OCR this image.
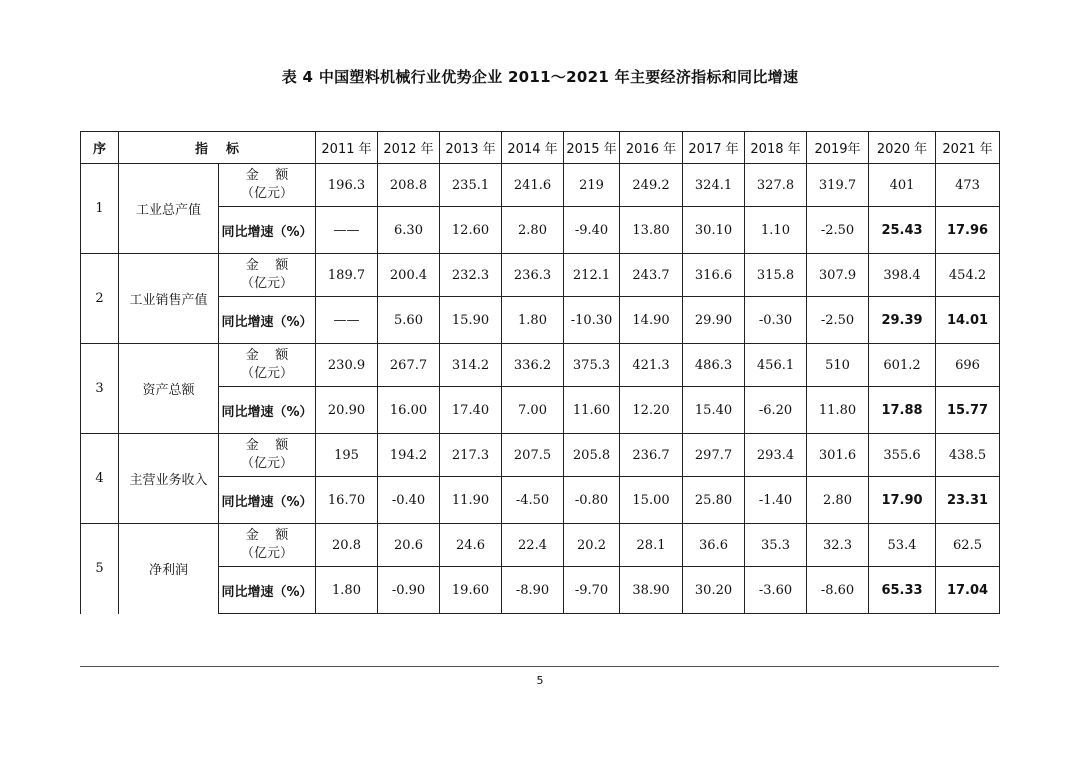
表 4 中国塑料机械行业优势企业 2011～2021 年主要经济指标和同比增速
序	指    标		2011 年	2012 年	2013 年	2014 年	2015 年	2016 年	2017 年	2018 年	2019年	2020 年	2021 年
1	工业总产值	金    额
（亿元）	196.3	208.8	235.1	241.6	219	249.2	324.1	327.8	319.7	401	473
		同比增速（%）	——	6.30	12.60	2.80	-9.40	13.80	30.10	1.10	-2.50	25.43	17.96
2	工业销售产值	金    额
（亿元）	189.7	200.4	232.3	236.3	212.1	243.7	316.6	315.8	307.9	398.4	454.2
		同比增速（%）	——	5.60	15.90	1.80	-10.30	14.90	29.90	-0.30	-2.50	29.39	14.01
3	资产总额	金    额
（亿元）	230.9	267.7	314.2	336.2	375.3	421.3	486.3	456.1	510	601.2	696
		同比增速（%）	20.90	16.00	17.40	7.00	11.60	12.20	15.40	-6.20	11.80	17.88	15.77
4	主营业务收入	金    额
（亿元）	195	194.2	217.3	207.5	205.8	236.7	297.7	293.4	301.6	355.6	438.5
		同比增速（%）	16.70	-0.40	11.90	-4.50	-0.80	15.00	25.80	-1.40	2.80	17.90	23.31
5	净利润	金    额
（亿元）	20.8	20.6	24.6	22.4	20.2	28.1	36.6	35.3	32.3	53.4	62.5
		同比增速（%）	1.80	-0.90	19.60	-8.90	-9.70	38.90	30.20	-3.60	-8.60	65.33	17.04
5
